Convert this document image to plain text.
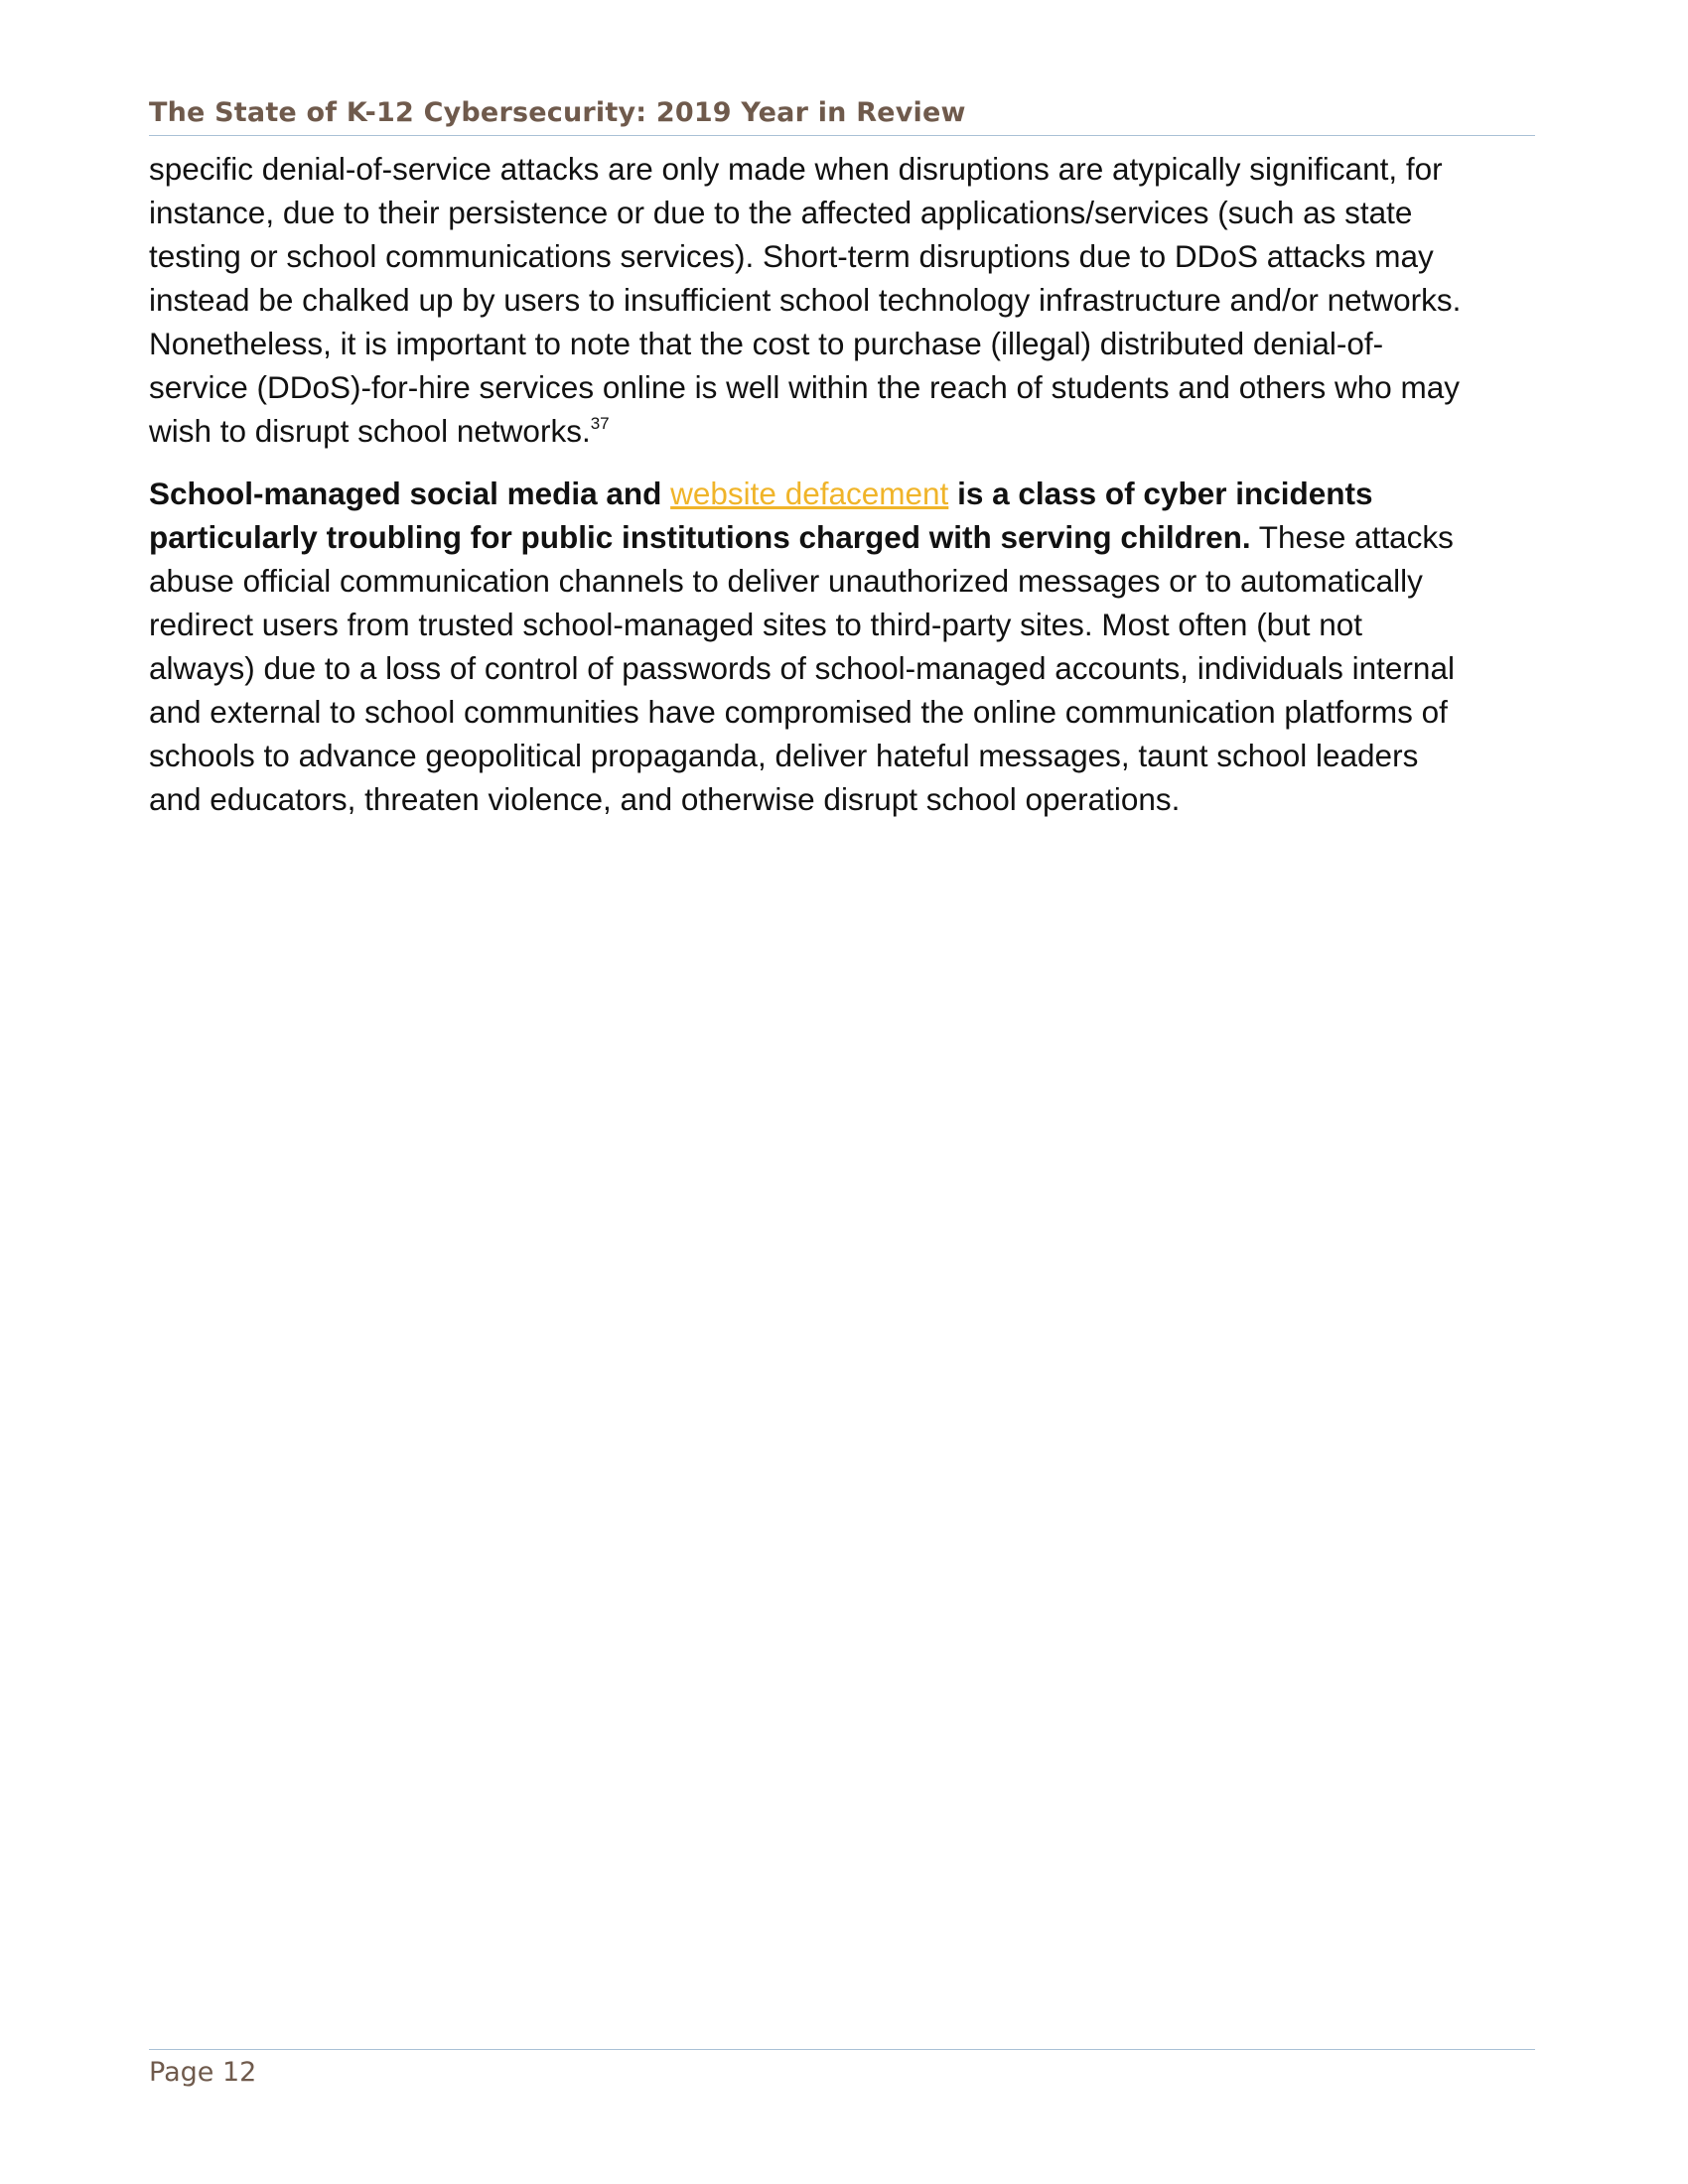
The State of K-12 Cybersecurity: 2019 Year in Review

specific denial-of-service attacks are only made when disruptions are atypically significant, for
instance, due to their persistence or due to the affected applications/services (such as state
testing or school communications services). Short-term disruptions due to DDoS attacks may
instead be chalked up by users to insufficient school technology infrastructure and/or networks.
Nonetheless, it is important to note that the cost to purchase (illegal) distributed denial-of-
service (DDoS)-for-hire services online is well within the reach of students and others who may
wish to disrupt school networks.$^{37}$

School-managed social media and website defacement is a class of cyber incidents
particularly troubling for public institutions charged with serving children. These attacks
abuse official communication channels to deliver unauthorized messages or to automatically
redirect users from trusted school-managed sites to third-party sites. Most often (but not
always) due to a loss of control of passwords of school-managed accounts, individuals internal
and external to school communities have compromised the online communication platforms of
schools to advance geopolitical propaganda, deliver hateful messages, taunt school leaders
and educators, threaten violence, and otherwise disrupt school operations.

Page 12
